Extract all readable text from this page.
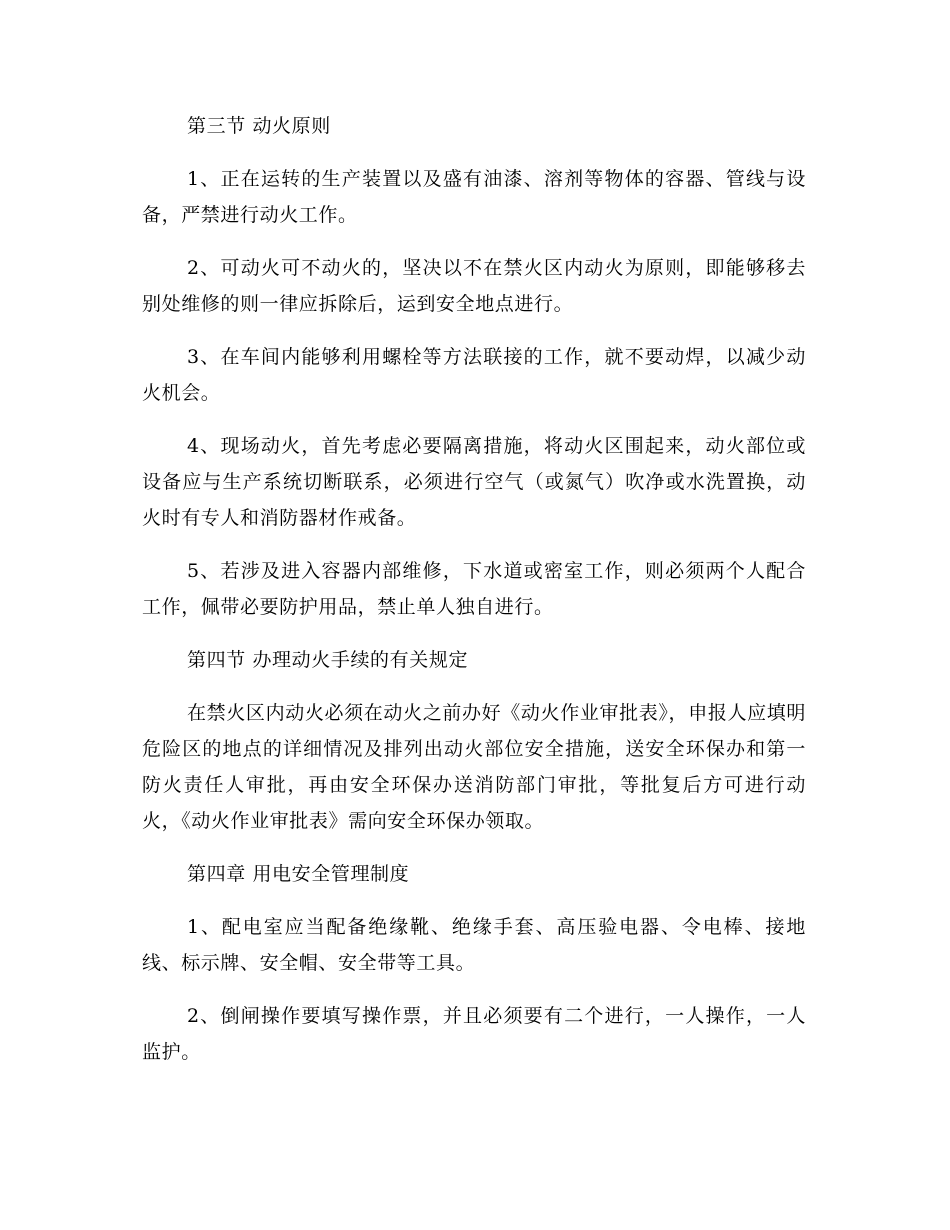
第三节 动火原则

1、正在运转的生产装置以及盛有油漆、溶剂等物体的容器、管线与设备，严禁进行动火工作。

2、可动火可不动火的，坚决以不在禁火区内动火为原则，即能够移去别处维修的则一律应拆除后，运到安全地点进行。

3、在车间内能够利用螺栓等方法联接的工作，就不要动焊，以减少动火机会。

4、现场动火，首先考虑必要隔离措施，将动火区围起来，动火部位或设备应与生产系统切断联系，必须进行空气（或氮气）吹净或水洗置换，动火时有专人和消防器材作戒备。

5、若涉及进入容器内部维修，下水道或密室工作，则必须两个人配合工作，佩带必要防护用品，禁止单人独自进行。

第四节 办理动火手续的有关规定

在禁火区内动火必须在动火之前办好《动火作业审批表》，申报人应填明危险区的地点的详细情况及排列出动火部位安全措施，送安全环保办和第一防火责任人审批，再由安全环保办送消防部门审批，等批复后方可进行动火，《动火作业审批表》需向安全环保办领取。

第四章 用电安全管理制度

1、配电室应当配备绝缘靴、绝缘手套、高压验电器、令电棒、接地线、标示牌、安全帽、安全带等工具。

2、倒闸操作要填写操作票，并且必须要有二个进行，一人操作，一人监护。
